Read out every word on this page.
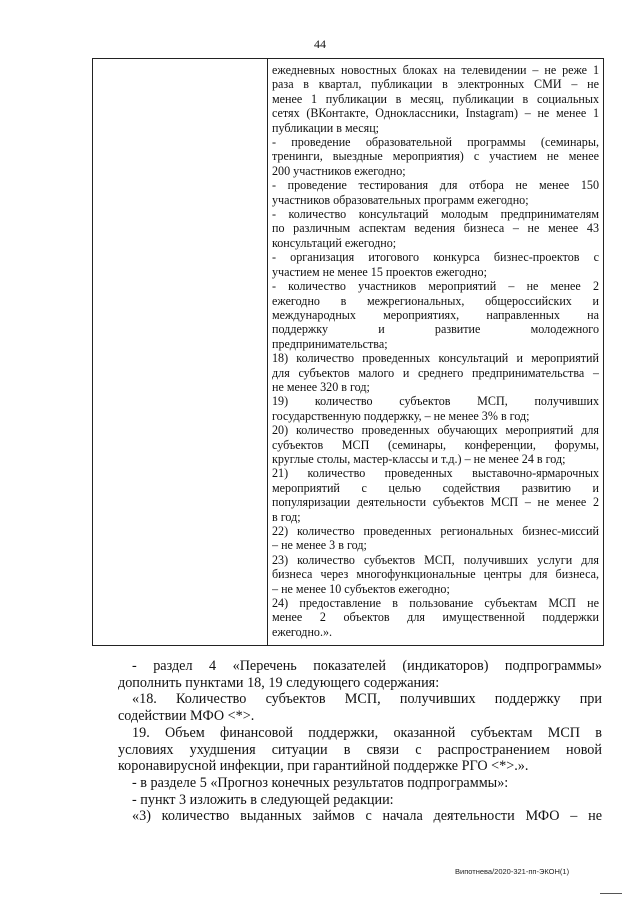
44

ежедневных новостных блоках на телевидении – не реже 1
раза в квартал, публикации в электронных СМИ – не
менее 1 публикации в месяц, публикации в социальных
сетях (ВКонтакте, Одноклассники, Instagram) – не менее 1
публикации в месяц;
- проведение образовательной программы (семинары,
тренинги, выездные мероприятия) с участием не менее
200 участников ежегодно;
- проведение тестирования для отбора не менее 150
участников образовательных программ ежегодно;
- количество консультаций молодым предпринимателям
по различным аспектам ведения бизнеса – не менее 43
консультаций ежегодно;
- организация итогового конкурса бизнес-проектов с
участием не менее 15 проектов ежегодно;
- количество участников мероприятий – не менее 2
ежегодно в межрегиональных, общероссийских и
международных мероприятиях, направленных на
поддержку и развитие молодежного
предпринимательства;
18) количество проведенных консультаций и мероприятий
для субъектов малого и среднего предпринимательства –
не менее 320 в год;
19) количество субъектов МСП, получивших
государственную поддержку, – не менее 3% в год;
20) количество проведенных обучающих мероприятий для
субъектов МСП (семинары, конференции, форумы,
круглые столы, мастер-классы и т.д.) – не менее 24 в год;
21) количество проведенных выставочно-ярмарочных
мероприятий с целью содействия развитию и
популяризации деятельности субъектов МСП – не менее 2
в год;
22) количество проведенных региональных бизнес-миссий
– не менее 3 в год;
23) количество субъектов МСП, получивших услуги для
бизнеса через многофункциональные центры для бизнеса,
– не менее 10 субъектов ежегодно;
24) предоставление в пользование субъектам МСП не
менее 2 объектов для имущественной поддержки
ежегодно.».
- раздел 4 «Перечень показателей (индикаторов) подпрограммы»
дополнить пунктами 18, 19 следующего содержания:
«18. Количество субъектов МСП, получивших поддержку при
содействии МФО <*>.
19. Объем финансовой поддержки, оказанной субъектам МСП в
условиях ухудшения ситуации в связи с распространением новой
коронавирусной инфекции, при гарантийной поддержке РГО <*>.».
- в разделе 5 «Прогноз конечных результатов подпрограммы»:
- пункт 3 изложить в следующей редакции:
«3) количество выданных займов с начала деятельности МФО – не
Випотнева/2020-321-пп-ЭКОН(1)
